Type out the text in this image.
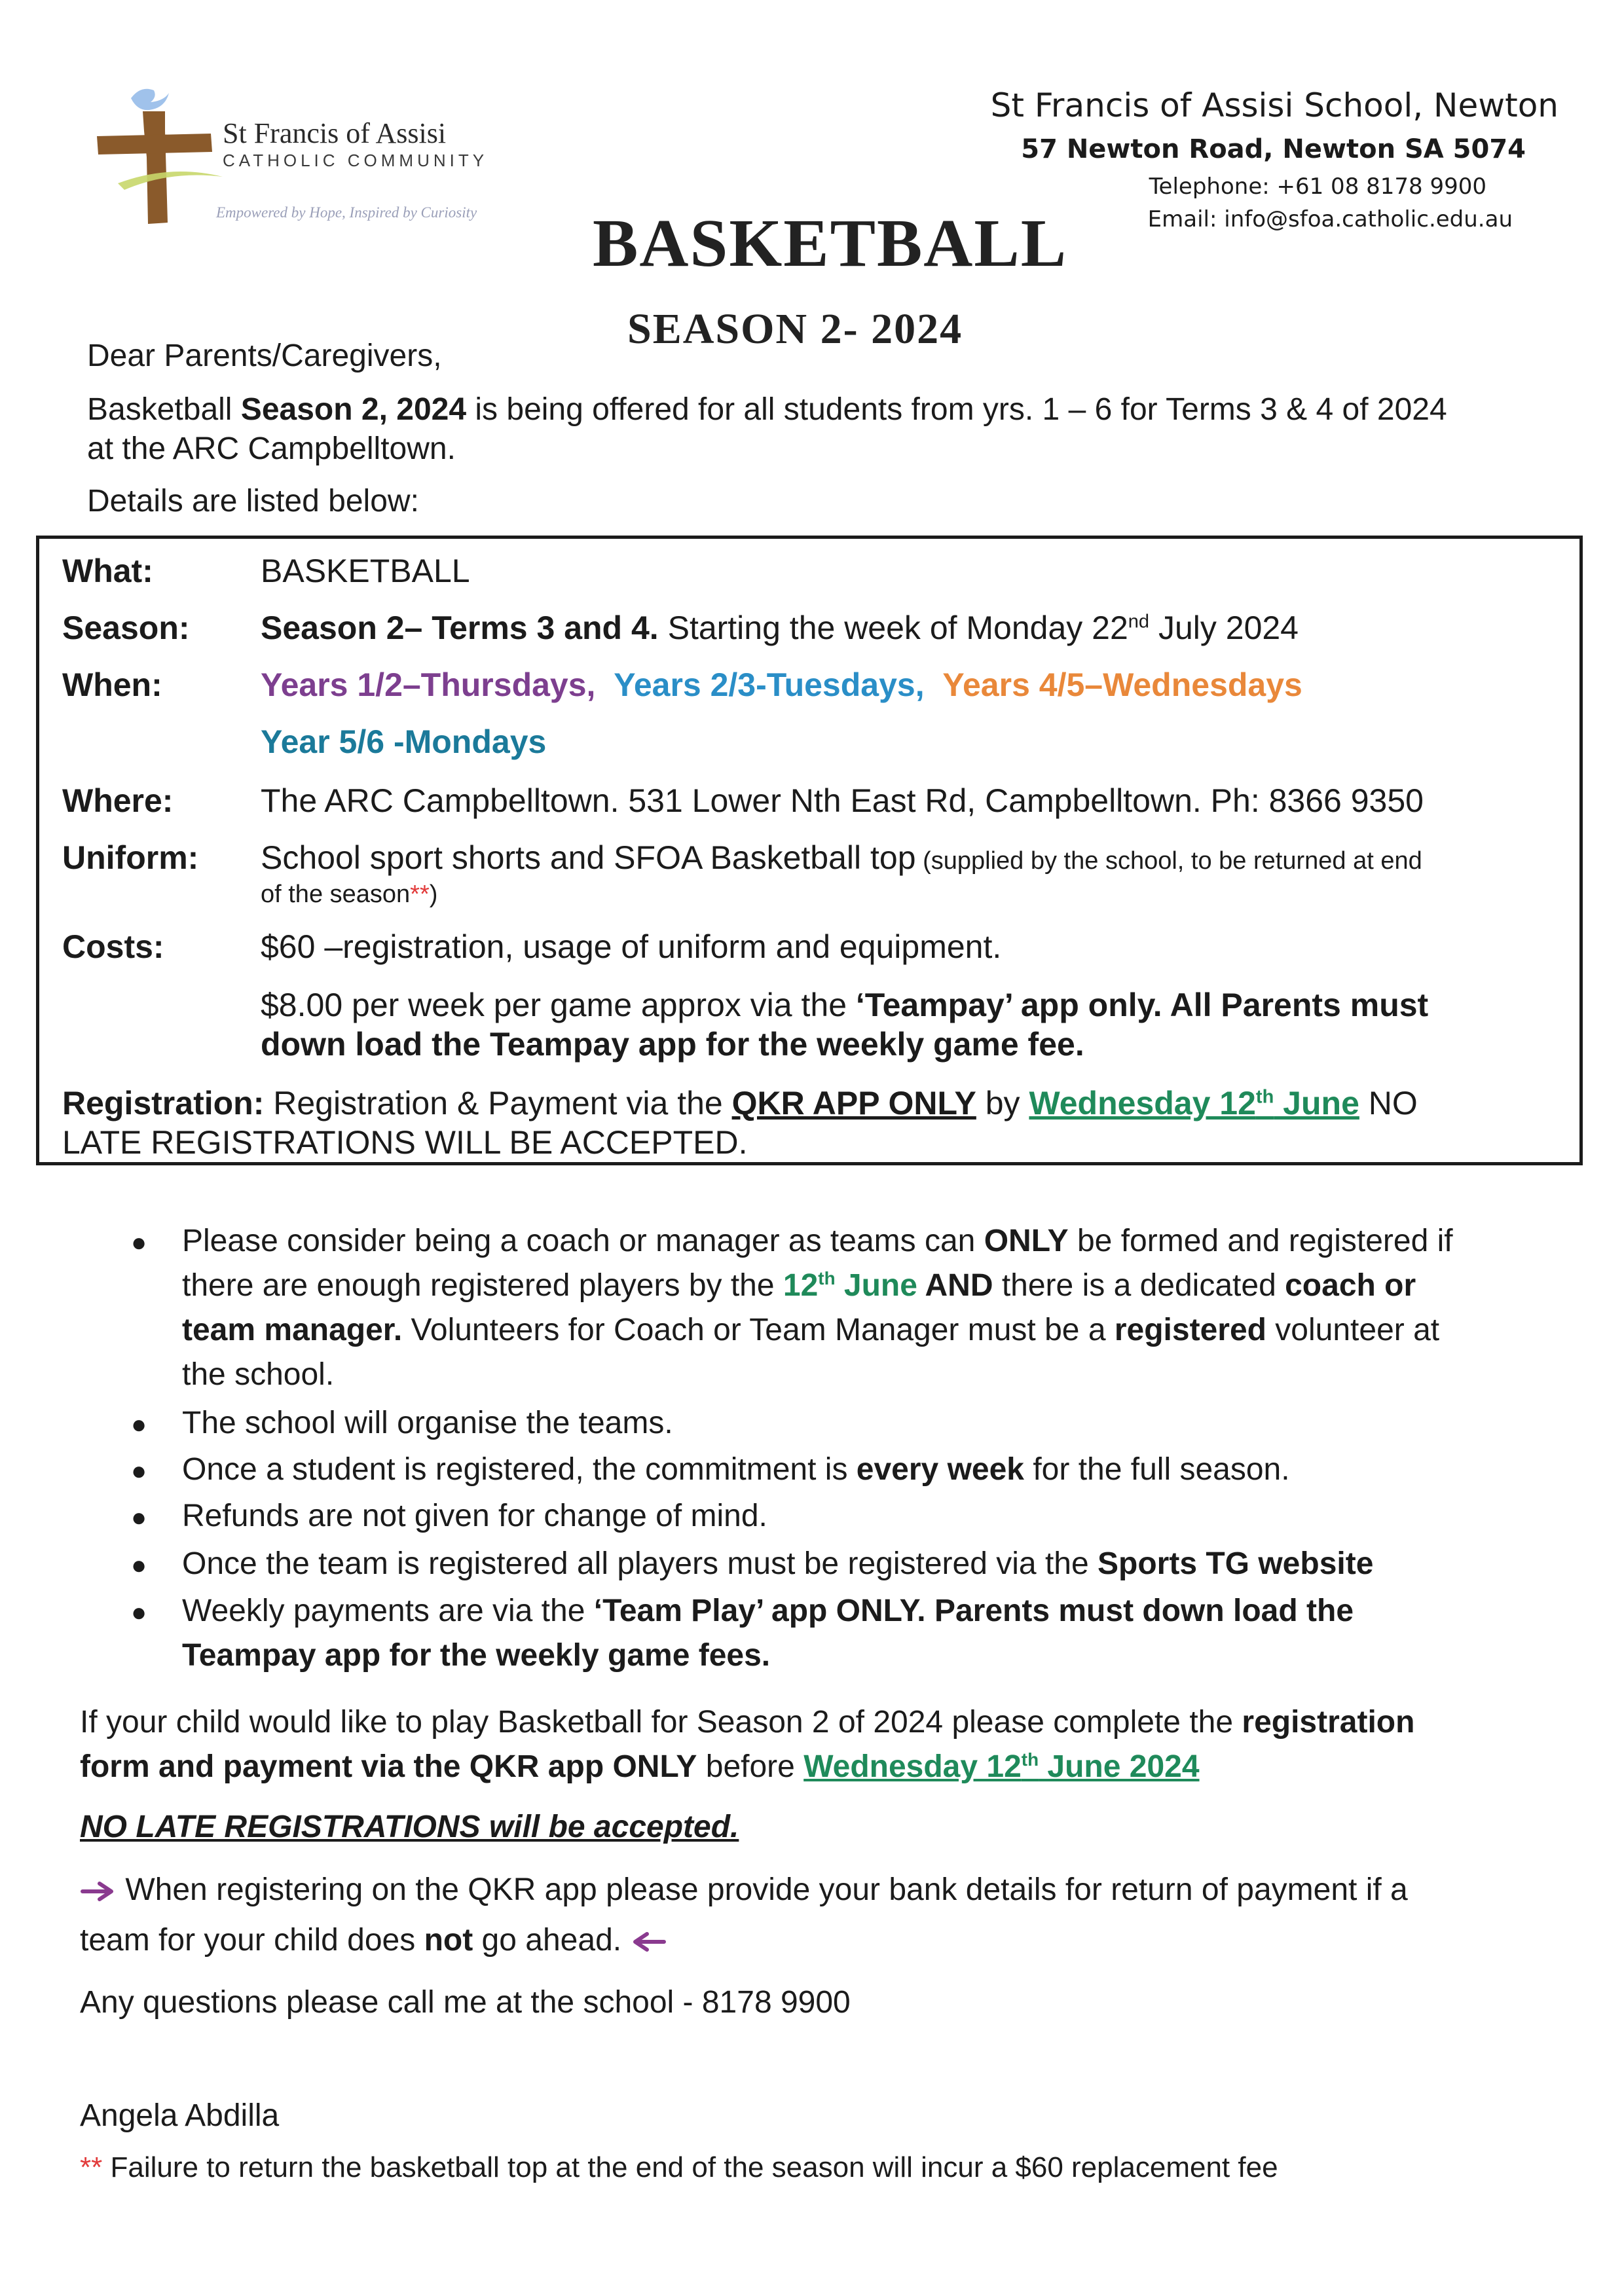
St Francis of Assisi
CATHOLIC COMMUNITY
Empowered by Hope, Inspired by Curiosity
St Francis of Assisi School, Newton
57 Newton Road, Newton SA 5074
Telephone: +61 08 8178 9900
Email: info@sfoa.catholic.edu.au
BASKETBALL
SEASON 2- 2024
Dear Parents/Caregivers,
Basketball Season 2, 2024 is being offered for all students from yrs. 1 – 6 for Terms 3 & 4 of 2024
at the ARC Campbelltown.
Details are listed below:
What:	BASKETBALL
Season: Season 2– Terms 3 and 4. Starting the week of Monday 22nd July 2024
When:	Years 1/2–Thursdays, Years 2/3-Tuesdays, Years 4/5–Wednesdays
Year 5/6 -Mondays
Where:	The ARC Campbelltown. 531 Lower Nth East Rd, Campbelltown. Ph: 8366 9350
Uniform: School sport shorts and SFOA Basketball top (supplied by the school, to be returned at end
of the season**)
Costs:	$60 –registration, usage of uniform and equipment.
$8.00 per week per game approx via the ‘Teampay’ app only. All Parents must
down load the Teampay app for the weekly game fee.
Registration: Registration & Payment via the QKR APP ONLY by Wednesday 12th June NO
LATE REGISTRATIONS WILL BE ACCEPTED.
● Please consider being a coach or manager as teams can ONLY be formed and registered if
there are enough registered players by the 12th June AND there is a dedicated coach or
team manager. Volunteers for Coach or Team Manager must be a registered volunteer at
the school.
● The school will organise the teams.
● Once a student is registered, the commitment is every week for the full season.
● Refunds are not given for change of mind.
● Once the team is registered all players must be registered via the Sports TG website
● Weekly payments are via the ‘Team Play’ app ONLY. Parents must down load the
Teampay app for the weekly game fees.
If your child would like to play Basketball for Season 2 of 2024 please complete the registration
form and payment via the QKR app ONLY before Wednesday 12th June 2024
NO LATE REGISTRATIONS will be accepted.
When registering on the QKR app please provide your bank details for return of payment if a
team for your child does not go ahead.
Any questions please call me at the school - 8178 9900
Angela Abdilla
** Failure to return the basketball top at the end of the season will incur a $60 replacement fee
